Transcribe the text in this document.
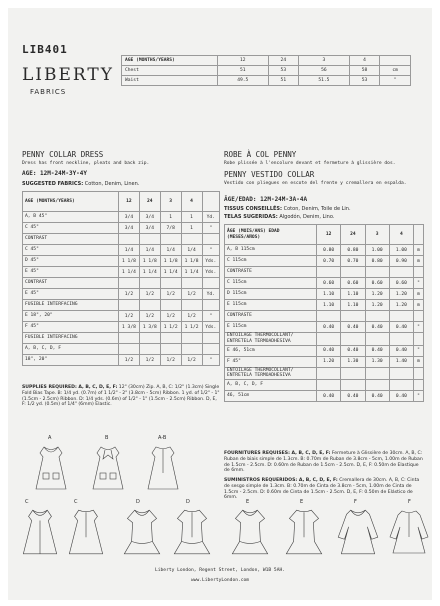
LIB401
LIBERTY
FABRICS
AGE (MONTHS/YEARS)	12	24	3	4	
Chest	51	53	56	58	cm
Waist	49.5	51	51.5	53	"
PENNY COLLAR DRESS
Dress has front neckline, pleats and back zip.
AGE: 12M-24M-3Y-4Y
SUGGESTED FABRICS: Cotton, Denim, Linen.
AGE (MONTHS/YEARS)	12	24	3	4	
A, B 45"	3/4	3/4	1	1	Yd.
C 45"	3/4	3/4	7/8	1	"
CONTRAST					
C 45"	1/4	1/4	1/4	1/4	"
D 45"	1 1/8	1 1/8	1 1/8	1 1/8	Yds.
E 45"	1 1/4	1 1/4	1 1/4	1 1/4	Yds.
CONTRAST					
E 45"	1/2	1/2	1/2	1/2	Yd.
FUSIBLE INTERFACING					
E 18", 20"	1/2	1/2	1/2	1/2	"
F 45"	1 3/8	1 3/8	1 1/2	1 1/2	Yds.
FUSIBLE INTERFACING					
A, B, C, D, F					
18", 20"	1/2	1/2	1/2	1/2	"
SUPPLIES REQUIRED: A, B, C, D, E, F: 12" (30cm) Zip. A, B, C: 1/2" (1.3cm) Single Fold Bias Tape. B: 1/4 yd. (0.7m) of 1 1/2" - 2" (3.8cm - 5cm) Ribbon. 1 yd. of 1/2" - 1" (1.5cm - 2.5cm) Ribbon. D: 1/4 yds. (0.6m) of 1/2" - 1" (1.5cm - 2.5cm) Ribbon. D, E, F: 1/2 yd. (0.5m) of 1/4" (6mm) Elastic.
ROBE À COL PENNY
Robe plissée à l'encolure devant et fermeture à glissière dos.
PENNY VESTIDO COLLAR
Vestido con pliegues en escote del frente y cremallera en espalda.
ÂGE/EDAD: 12M-24M-3A-4A
TISSUS CONSEILLÉS: Coton, Denim, Toile de Lin.
TELAS SUGERIDAS: Algodón, Denim, Lino.
ÂGE (MOIS/ANS) EDAD (MESES/AÑOS)	12	24	3	4	
A, B 115cm	0.80	0.80	1.00	1.00	m
C 115cm	0.70	0.70	0.80	0.90	m
CONTRASTE					
C 115cm	0.60	0.60	0.60	0.60	"
D 115cm	1.10	1.10	1.20	1.20	m
E 115cm	1.10	1.10	1.20	1.20	m
CONTRASTE					
E 115cm	0.40	0.40	0.40	0.40	"
ENTOILAGE THERMOCOLLANT/ ENTRETELA TERMOADHESIVA					
E 46, 51cm	0.40	0.40	0.40	0.40	"
F 45"	1.20	1.30	1.30	1.40	m
ENTOILAGE THERMOCOLLANT/ ENTRETELA TERMOADHESIVA					
A, B, C, D, F					
46, 51cm	0.40	0.40	0.40	0.40	"
FOURNITURES REQUISES: A, B, C, D, E, F: Fermeture à Glissière de 30cm. A, B, C: Ruban de biais simple de 1.3cm. B: 0.70m de Ruban de 3.8cm - 5cm, 1.00m de Ruban de 1.5cm - 2.5cm. D: 0.60m de Ruban de 1.5cm - 2.5cm. D, E, F: 0.50m de Elastique de 6mm.
SUMINISTROS REQUERIDOS: A, B, C, D, E, F: Cremallera de 30cm. A, B, C: Cinta de sesgo simple de 1.3cm. B: 0.70m de Cinta de 3.8cm - 5cm, 1.00m de Cinta de 1.5cm - 2.5cm. D: 0.60m de Cinta de 1.5cm - 2.5cm. D, E, F: 0.50m de Elástico de 6mm.
A	B	A-B
C	C	D	D	E	E	F	F
Liberty London, Regent Street, London, W1B 5AH.
www.LibertyLondon.com
